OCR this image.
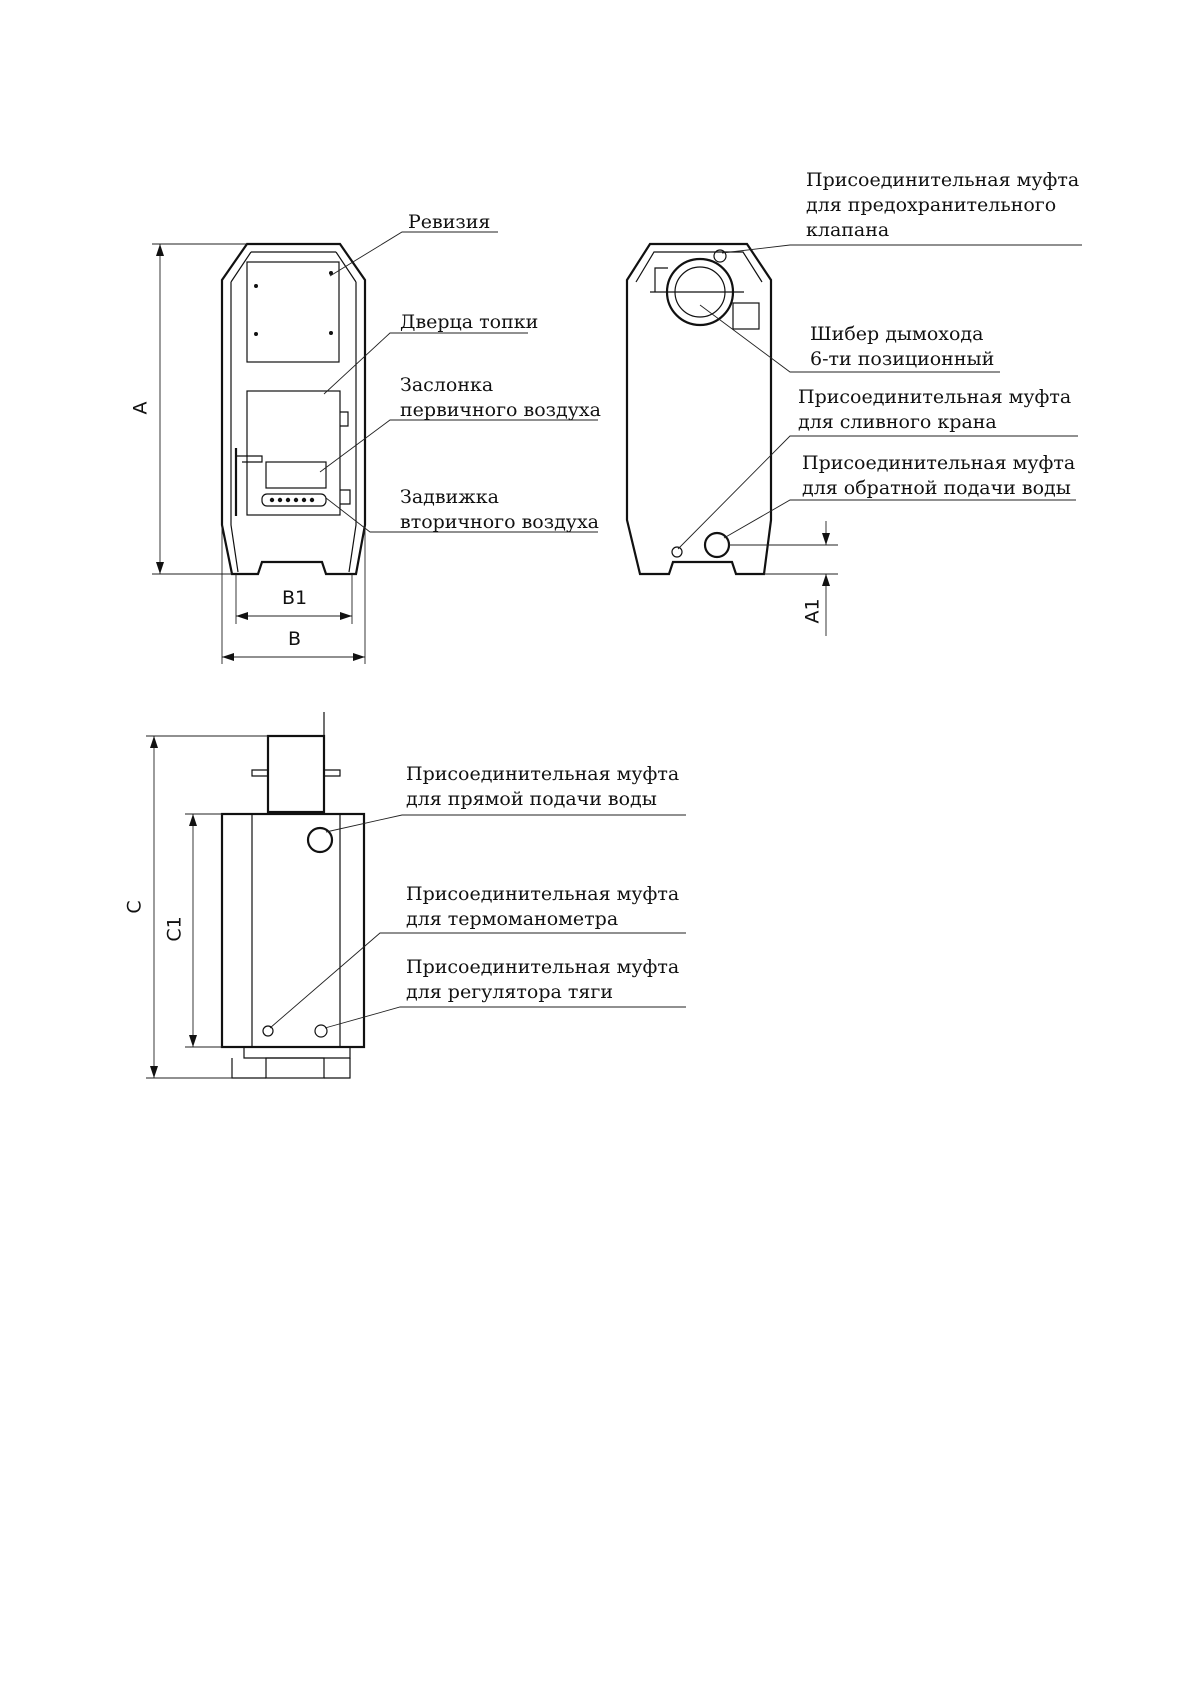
Ревизия
Дверца топки
Заслонка
первичного воздуха
Задвижка
вторичного воздуха
A
B1
B
Присоединительная муфта
для предохранительного
клапана
Шибер дымохода
6-ти позиционный
Присоединительная муфта
для сливного крана
Присоединительная муфта
для обратной подачи воды
A1
Присоединительная муфта
для прямой подачи воды
Присоединительная муфта
для термоманометра
Присоединительная муфта
для регулятора тяги
C
C1
